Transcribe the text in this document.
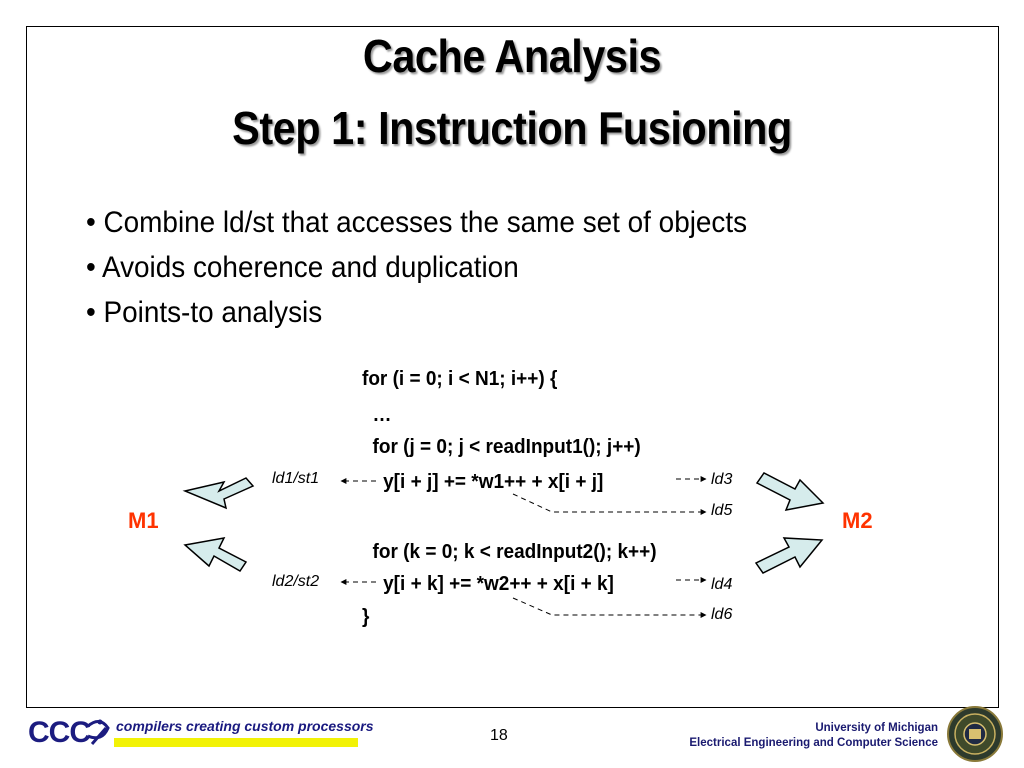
Cache Analysis
Step 1: Instruction Fusioning
• Combine ld/st that accesses the same set of objects
• Avoids coherence and duplication
• Points-to analysis
for (i = 0; i < N1; i++) {
…
for (j = 0; j < readInput1(); j++)
y[i + j] += *w1++ + x[i + j]
for (k = 0; k < readInput2(); k++)
y[i + k] += *w2++ + x[i + k]
}
ld1/st1
ld2/st2
ld3
ld5
ld4
ld6
M1	M2
CCC compilers creating custom processors
18	University of Michigan
Electrical Engineering and Computer Science
